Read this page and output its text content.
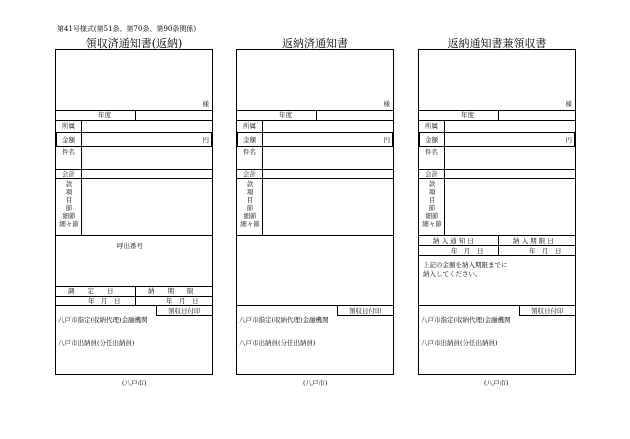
第41号様式(第51条、第70条、第90条関係)
領収済通知書(返納)
様
年度
所属
金額	円
件名
会計
款
項
目
節
細節
細々節
呼出番号
調　　定　　日	納　　期　　限
年　月　日	年　月　日
領収日付印
八戸市指定(収納代理)金融機関
八戸市出納員(分任出納員)
(八戸市)
返納済通知書
様
年度
所属
金額	円
件名
会計
款
項
目
節
細節
細々節
領収日付印
八戸市指定(収納代理)金融機関
八戸市出納員(分任出納員)
(八戸市)
返納通知書兼領収書
様
年度
所属
金額	円
件名
会計
款
項
目
節
細節
細々節
納 入 通 知 日	納 入 期 限 日
年　月　日	年　月　日
上記の金額を納入期限までに
納入してください。
領収日付印
八戸市指定(収納代理)金融機関
八戸市出納員(分任出納員)
(八戸市)
